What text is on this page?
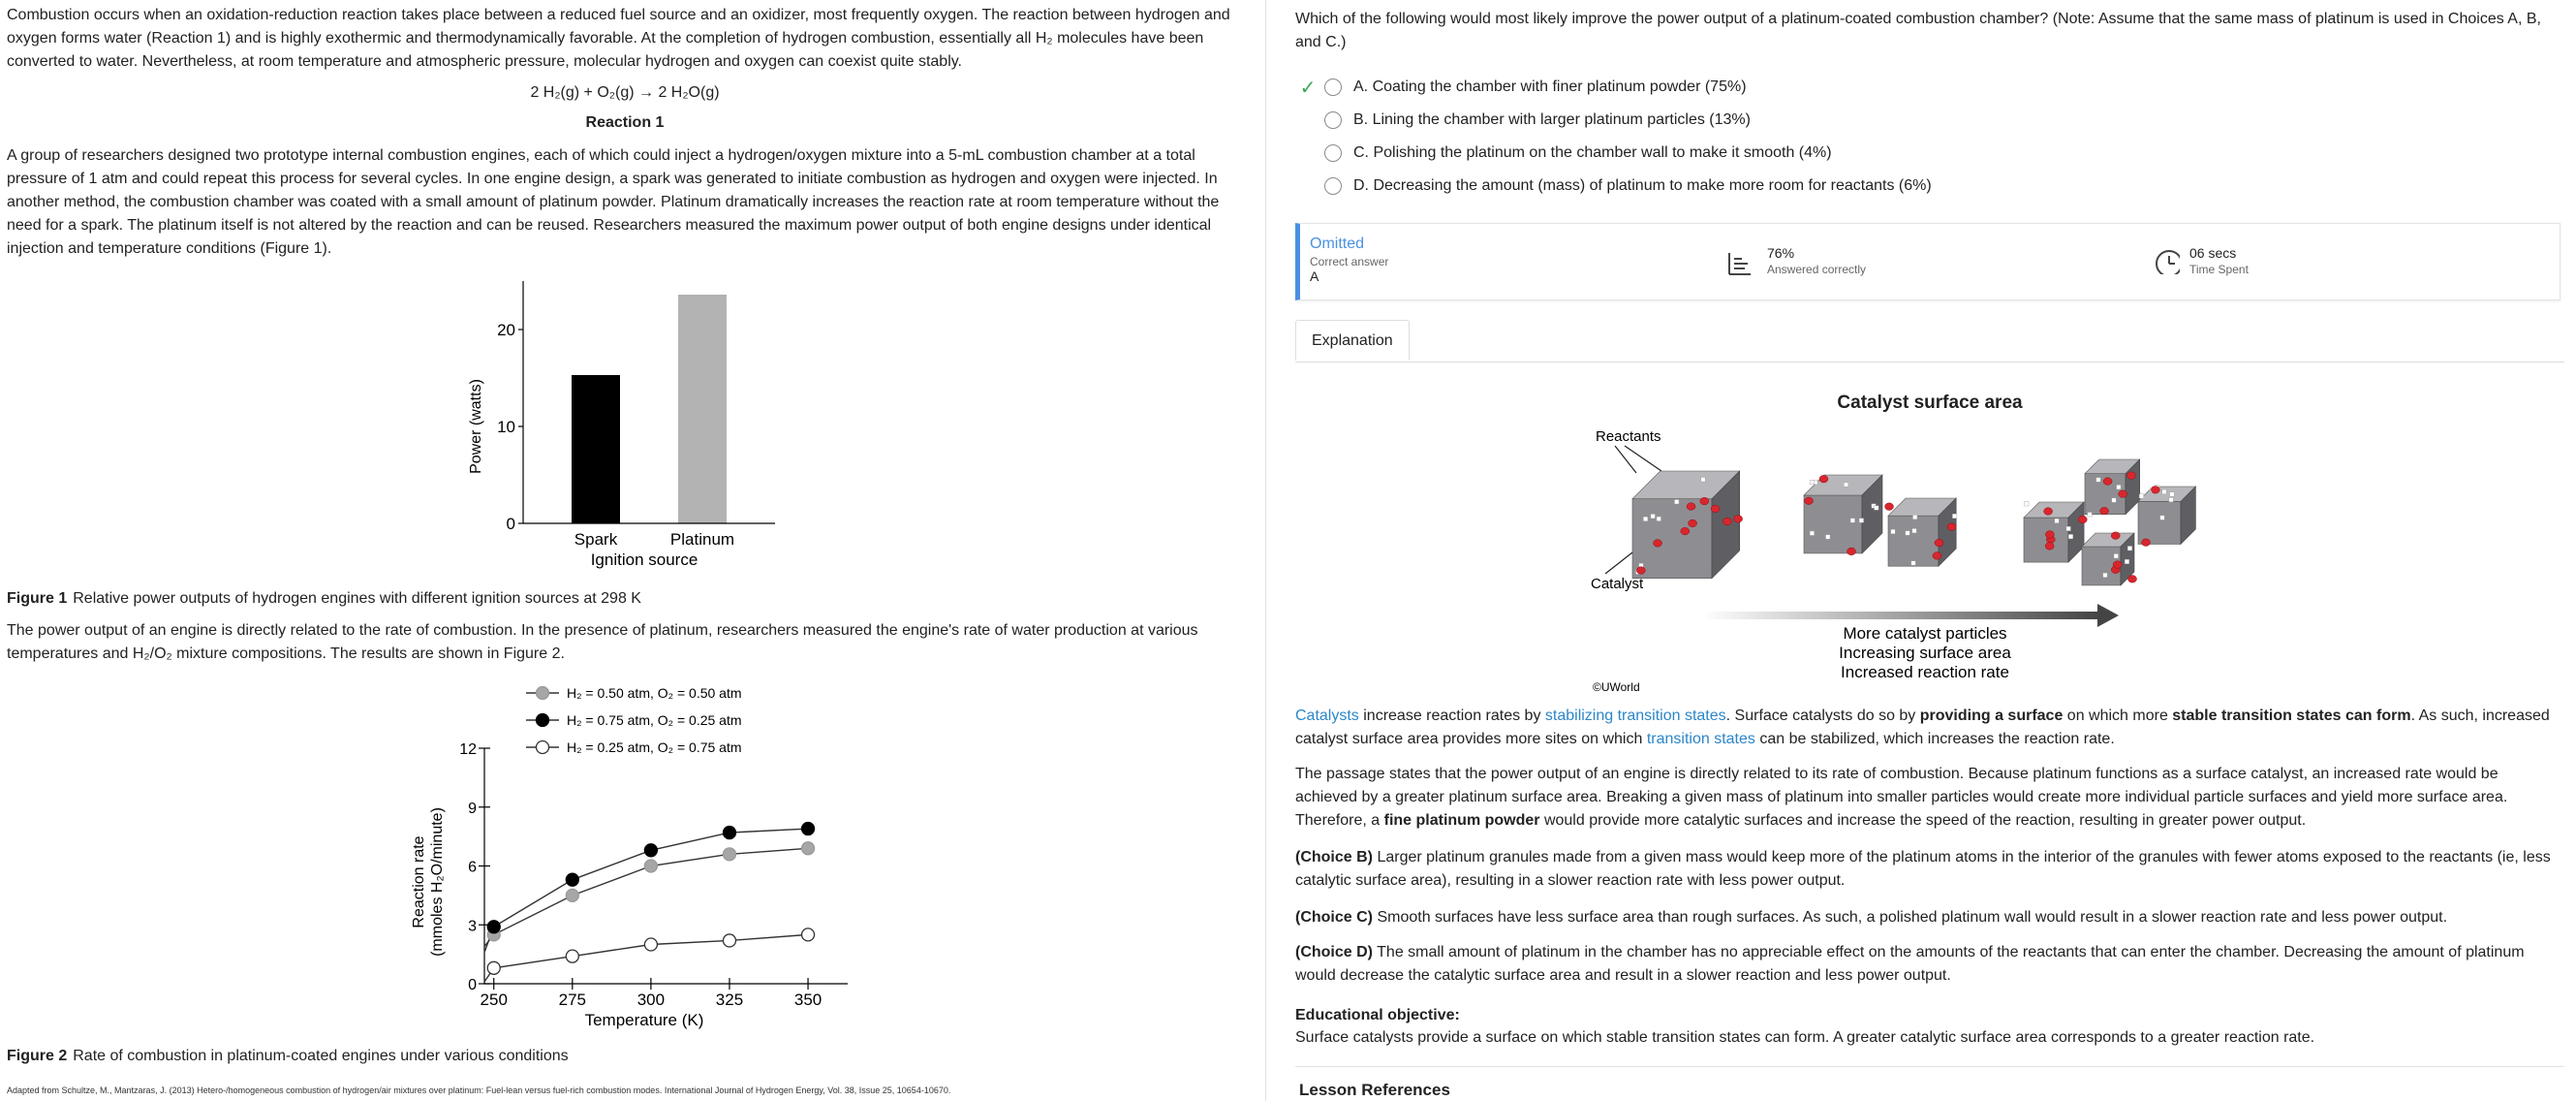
Combustion occurs when an oxidation-reduction reaction takes place between a reduced fuel source and an oxidizer, most frequently oxygen. The reaction between hydrogen and oxygen forms water (Reaction 1) and is highly exothermic and thermodynamically favorable. At the completion of hydrogen combustion, essentially all H₂ molecules have been converted to water. Nevertheless, at room temperature and atmospheric pressure, molecular hydrogen and oxygen can coexist quite stably.

2 H₂(g) + O₂(g) → 2 H₂O(g)
Reaction 1

A group of researchers designed two prototype internal combustion engines, each of which could inject a hydrogen/oxygen mixture into a 5-mL combustion chamber at a total pressure of 1 atm and could repeat this process for several cycles. In one engine design, a spark was generated to initiate combustion as hydrogen and oxygen were injected. In another method, the combustion chamber was coated with a small amount of platinum powder. Platinum dramatically increases the reaction rate at room temperature without the need for a spark. The platinum itself is not altered by the reaction and can be reused. Researchers measured the maximum power output of both engine designs under identical injection and temperature conditions (Figure 1).

0
10
20
Spark	Platinum
Ignition source
Power (watts)
Figure 1 Relative power outputs of hydrogen engines with different ignition sources at 298 K

The power output of an engine is directly related to the rate of combustion. In the presence of platinum, researchers measured the engine's rate of water production at various temperatures and H₂/O₂ mixture compositions. The results are shown in Figure 2.

H₂ = 0.50 atm, O₂ = 0.50 atm
H₂ = 0.75 atm, O₂ = 0.25 atm
H₂ = 0.25 atm, O₂ = 0.75 atm
0
3
6
9
12
250	275	300	325	350
Temperature (K)
Reaction rate (mmoles H₂O/minute)
Figure 2 Rate of combustion in platinum-coated engines under various conditions
Adapted from Schultze, M., Mantzaras, J. (2013) Hetero-/homogeneous combustion of hydrogen/air mixtures over platinum: Fuel-lean versus fuel-rich combustion modes. International Journal of Hydrogen Energy, Vol. 38, Issue 25, 10654-10670.

Which of the following would most likely improve the power output of a platinum-coated combustion chamber? (Note: Assume that the same mass of platinum is used in Choices A, B, and C.)

✓ A. Coating the chamber with finer platinum powder (75%)
B. Lining the chamber with larger platinum particles (13%)
C. Polishing the platinum on the chamber wall to make it smooth (4%)
D. Decreasing the amount (mass) of platinum to make more room for reactants (6%)
Omitted
Correct answer
A
76%
Answered correctly
06 secs
Time Spent
Explanation
Catalyst surface area
Reactants
Catalyst
More catalyst particles
Increasing surface area
Increased reaction rate
©UWorld

Catalysts increase reaction rates by stabilizing transition states. Surface catalysts do so by providing a surface on which more stable transition states can form. As such, increased catalyst surface area provides more sites on which transition states can be stabilized, which increases the reaction rate.

The passage states that the power output of an engine is directly related to its rate of combustion. Because platinum functions as a surface catalyst, an increased rate would be achieved by a greater platinum surface area. Breaking a given mass of platinum into smaller particles would create more individual particle surfaces and yield more surface area. Therefore, a fine platinum powder would provide more catalytic surfaces and increase the speed of the reaction, resulting in greater power output.

(Choice B) Larger platinum granules made from a given mass would keep more of the platinum atoms in the interior of the granules with fewer atoms exposed to the reactants (ie, less catalytic surface area), resulting in a slower reaction rate with less power output.

(Choice C) Smooth surfaces have less surface area than rough surfaces. As such, a polished platinum wall would result in a slower reaction rate and less power output.

(Choice D) The small amount of platinum in the chamber has no appreciable effect on the amounts of the reactants that can enter the chamber. Decreasing the amount of platinum would decrease the catalytic surface area and result in a slower reaction and less power output.

Educational objective:

Surface catalysts provide a surface on which stable transition states can form. A greater catalytic surface area corresponds to a greater reaction rate.

Lesson References
